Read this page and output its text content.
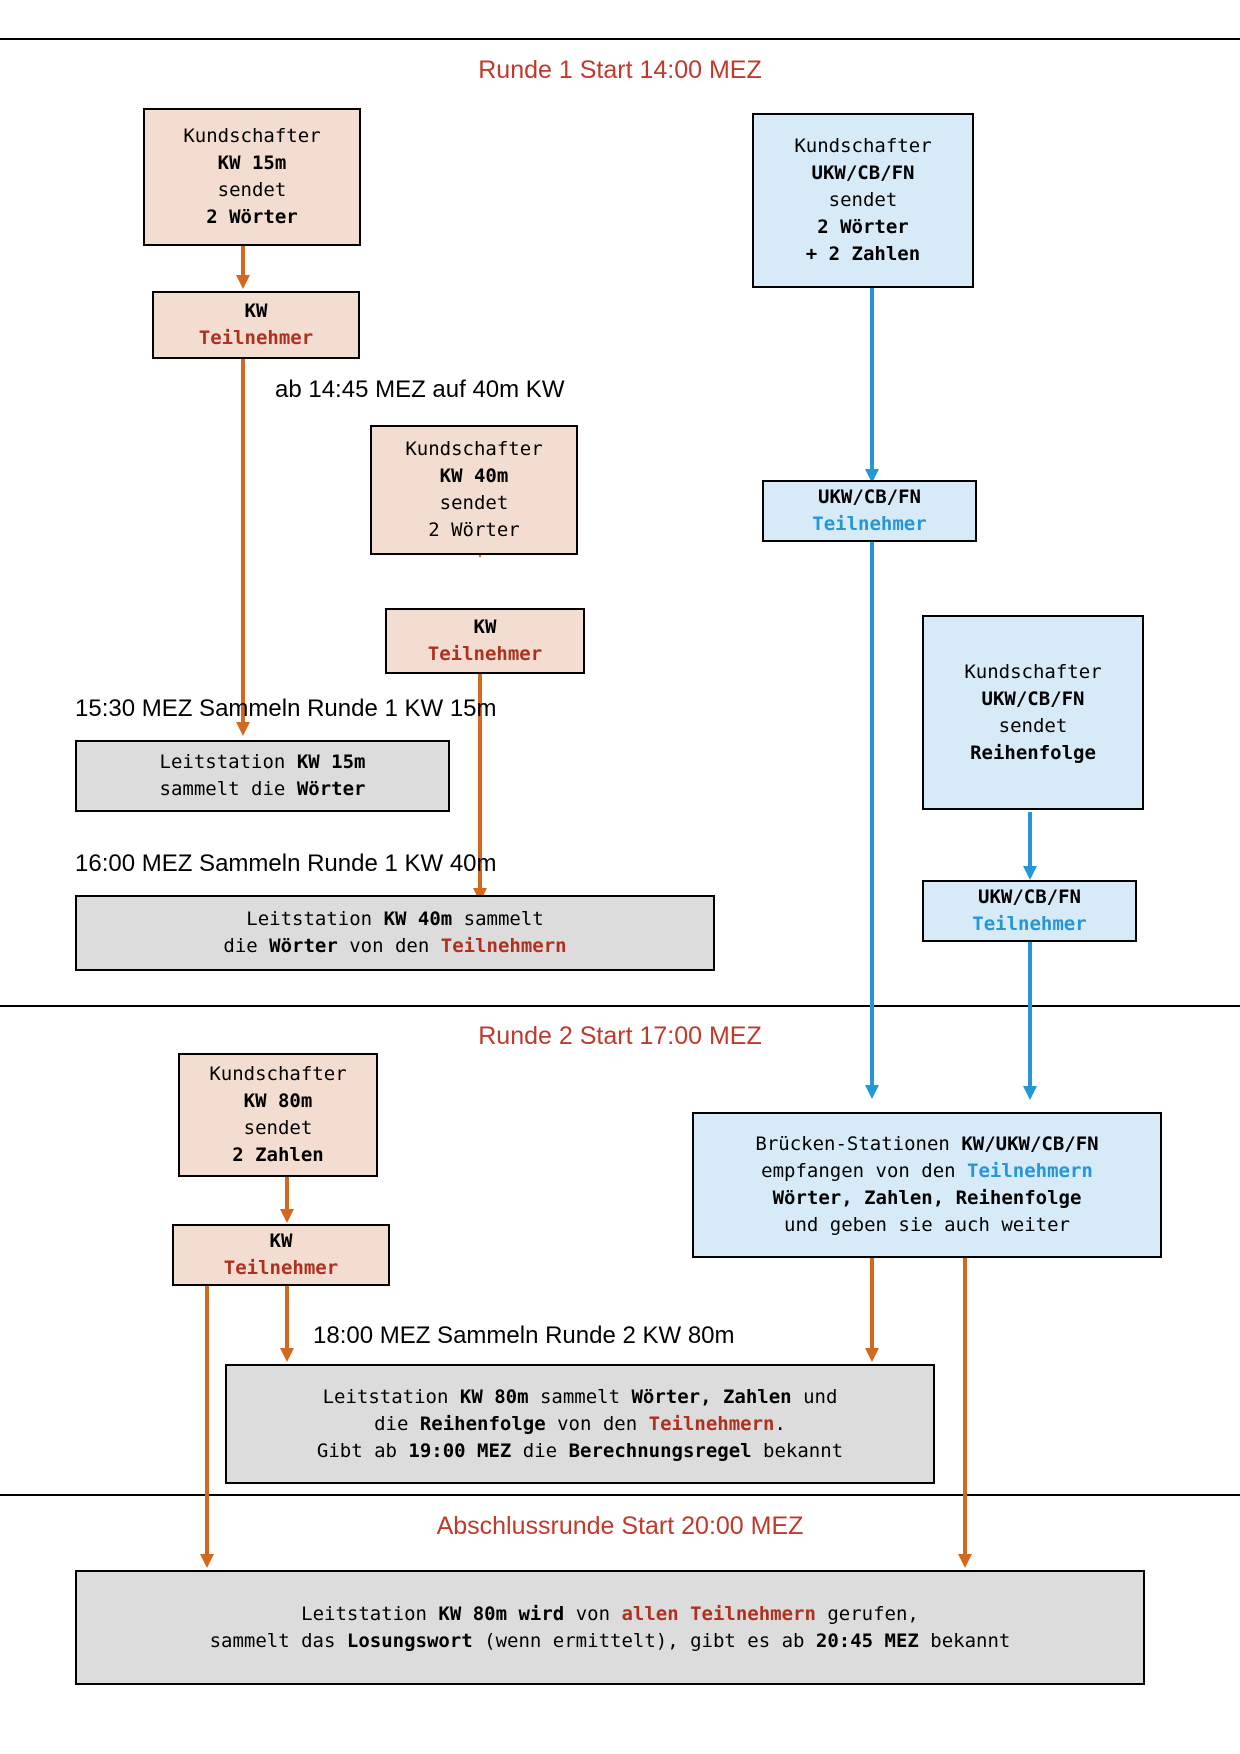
Runde 1 Start 14:00 MEZ
Runde 2 Start 17:00 MEZ
Abschlussrunde Start 20:00 MEZ
Kundschafter
KW 15m
sendet
2 Wörter
KW
Teilnehmer
Kundschafter
UKW/CB/FN
sendet
2 Wörter
+ 2 Zahlen
UKW/CB/FN
Teilnehmer
ab 14:45 MEZ auf 40m KW
Kundschafter
KW 40m
sendet
2 Wörter
KW
Teilnehmer
Kundschafter
UKW/CB/FN
sendet
Reihenfolge
UKW/CB/FN
Teilnehmer
15:30 MEZ Sammeln Runde 1 KW 15m
Leitstation KW 15m
sammelt die Wörter
16:00 MEZ Sammeln Runde 1 KW 40m
Leitstation KW 40m sammelt
die Wörter von den Teilnehmern
Kundschafter
KW 80m
sendet
2 Zahlen
KW
Teilnehmer
Brücken-Stationen KW/UKW/CB/FN
empfangen von den Teilnehmern
Wörter, Zahlen, Reihenfolge
und geben sie auch weiter
18:00 MEZ Sammeln Runde 2 KW 80m
Leitstation KW 80m sammelt Wörter, Zahlen und
die Reihenfolge von den Teilnehmern.
Gibt ab 19:00 MEZ die Berechnungsregel bekannt
Leitstation KW 80m wird von allen Teilnehmern gerufen,
sammelt das Losungswort (wenn ermittelt), gibt es ab 20:45 MEZ bekannt
